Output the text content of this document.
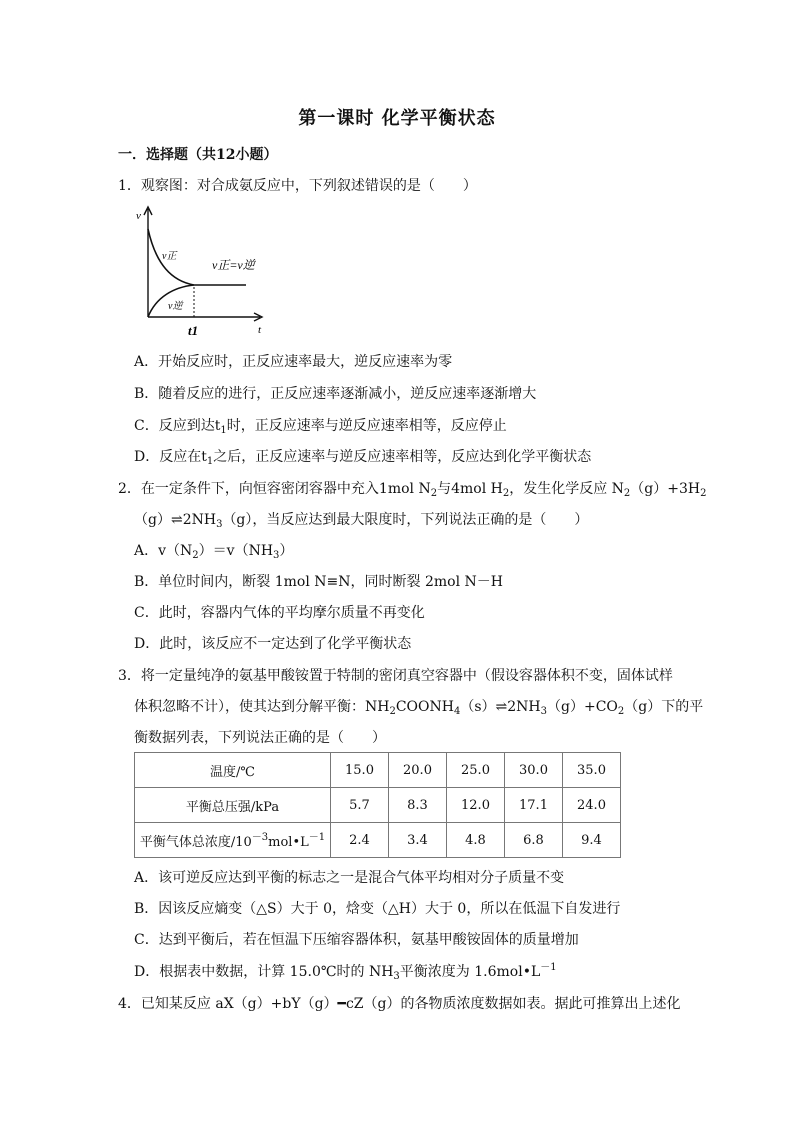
第一课时 化学平衡状态
一．选择题（共12小题）
1．观察图：对合成氨反应中，下列叙述错误的是（　　）
v
t
v正
v逆
v正=v逆
t1
A．开始反应时，正反应速率最大，逆反应速率为零
B．随着反应的进行，正反应速率逐渐减小，逆反应速率逐渐增大
C．反应到达$t_1$时，正反应速率与逆反应速率相等，反应停止
D．反应在$t_1$之后，正反应速率与逆反应速率相等，反应达到化学平衡状态
2．在一定条件下，向恒容密闭容器中充入1mol $N_2$与4mol $H_2$，发生化学反应 $N_2(g)+3H_2$
$(g)\rightleftharpoons 2NH_3(g)$，当反应达到最大限度时，下列说法正确的是（　　）
A．$v(N_2)=v(NH_3)$
B．单位时间内，断裂 1mol N≡N，同时断裂 2mol N－H
C．此时，容器内气体的平均摩尔质量不再变化
D．此时，该反应不一定达到了化学平衡状态
3．将一定量纯净的氨基甲酸铵置于特制的密闭真空容器中（假设容器体积不变，固体试样
体积忽略不计），使其达到分解平衡：$NH_2COONH_4(s)\rightleftharpoons 2NH_3(g)+CO_2(g)$下的平
衡数据列表，下列说法正确的是（　　）
温度/℃	15.0	20.0	25.0	30.0	35.0
平衡总压强/kPa	5.7	8.3	12.0	17.1	24.0
平衡气体总浓度$/10^{-3}mol•L^{-1}$	2.4	3.4	4.8	6.8	9.4
A．该可逆反应达到平衡的标志之一是混合气体平均相对分子质量不变
B．因该反应熵变（△S）大于 0，焓变（△H）大于 0，所以在低温下自发进行
C．达到平衡后，若在恒温下压缩容器体积，氨基甲酸铵固体的质量增加
D．根据表中数据，计算 15.0℃时的 $NH_3$平衡浓度为 $1.6mol•L^{-1}$
4．已知某反应 aX（g）+bY（g）━cZ（g）的各物质浓度数据如表。据此可推算出上述化
